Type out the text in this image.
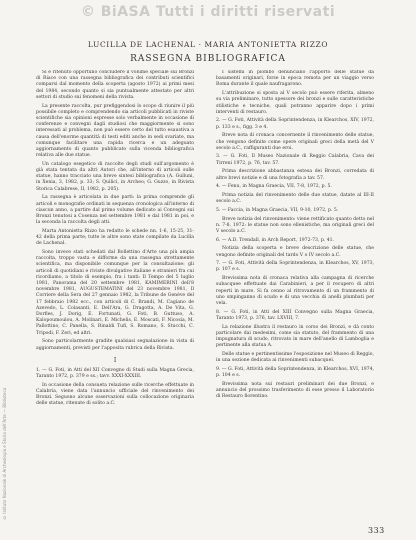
© BiASA Tutti i diritti riservati
LUCILLA DE LACHENAL · MARIA ANTONIETTA RIZZO
RASSEGNA BIBLIOGRAFICA

Si è ritenuto opportuno concludere il volume speciale sui Bronzi di Riace con una rassegna bibliografica dei contributi scientifici comparsi dal momento della scoperta (agosto 1972) ai primi mesi del 1984, secondo quanto si sia puntualmente attestato per altri settori di studio sui fenomeni della rivista.

La presente raccolta, pur prefiggendosi lo scopo di riunire il più possibile completo e comprendendo sia articoli pubblicati in riviste scientifiche sia opinioni espresse solo verbalmente in occasione di conferenze e convegni dagli studiosi che maggiormente si sono interessati al problema, non può essere certo del tutto esaustiva a causa dell'enorme quantità di testi editi anche in sedi svariate, ma comunque facilitare una rapida ricerca e un adeguato aggiornamento di quanto pubblicato sulla vicenda bibliografica relativa alle due statue.

Un catalogo esegetico di raccolte degli studi sull'argomento è già stata tentata da altri Autori che, all'interno di articoli sulle statue, hanno tracciato una breve sintesi bibliografica (A. Gulluni, in Xenia, 3, 1982, p. 33; S. Quilici, in Archeo; G. Guzzo, in Rivista Storica Calabrese, II, 1982, p. 205).

La rassegna è articolata in due parti: la prima comprende gli articoli e monografie ordinati in sequenza cronologica all'interno di ciascun anno, a partire dal primo volume dedicato ai Convegni sui Bronzi tenutosi a Cosenza nel settembre 1981 e dal 1981 in poi, e la seconda la raccolta degli atti.

Marta Antonietta Rizzo ha redatto le schede nn. 1-6, 15-25, 31-42 della prima parte; tutte le altre sono state compilate da Lucilla de Lachenal.

Sono invece stati schedati dal Bollettino d'Arte una più ampia raccolta, troppo vasta e difforme da una rassegna strettamente scientifica, ma disponibile comunque per la consultazione: gli articoli di quotidiani e riviste divulgative italiane e stranieri fra cui ricordiamo, a titolo di esempio, fra i tanti: Il Tempo del 5 luglio 1981, Panorama del 20 settembre 1981, KAMIMERINI dell'8 novembre 1981, AUGUSTEMATINI del 23 novembre 1981, Il Corriere della Sera del 27 gennaio 1982, la Tribune de Genève del 17 febbraio 1982 ecc., con articoli di C. Brandi, M. Cagiano de Azevedo, L. Colasanti, E. Dell'Ara, G. Dragotta, A. De Vita, G. Dorfles, J. Dorig, E. Fortunati, G. Foti, B. Guttuso, A. Kalopoumoulou, A. Molinari, E. Michelis, E. Moscati, F. Nicosia, M. Pallottino, C. Panella, S. Rinaldi Tufi, S. Romano, S. Stucchi, C. Tripodi, F. Zeri, ed altri.

Sono particolarmente gradite qualsiasi segnalazione in vista di aggiornamenti, previsti per l'apposita rubrica della Rivista.

I

1. — G. Foti, in Atti del XII Convegno di Studi sulla Magna Grecia, Taranto 1972, p. 379 e ss.; tavv. XXXI-XXXIII.

In occasione della consueta relazione sulle ricerche effettuate in Calabria, viene data l'annuncio ufficiale del rinvenimento dei Bronzi. Seguono alcune osservazioni sulla collocazione originaria delle statue, ritenute di solito a.C.

I sistemi in piombo denunciano l'apporto delle statue da basamenti originari, forse in epoca remota per un viaggio verso Roma durante il quale naufragarono.

L'attribuzione si sposta al V secolo può essere riferita, almeno su via preliminare, tutto spessore dei bronzi e sulle caratteristiche stilistiche e tecniche, quali potranno apparire dopo i primi interventi di restauro.

2. — G. Foti, Attività della Soprintendenza, in Klearchos, XIV, 1972, p. 133 e s., figg. 3 e 4.

Breve nota di cronaca concernente il rinvenimento delle statue, che vengono definite come opere originali greci della metà del V secolo a.C., raffiguranti due eroi.

3. — G. Foti, Il Museo Nazionale di Reggio Calabria, Cava dei Tirreni 1972, p. 76, tav. 57.

Prima descrizione abbastanza estesa dei Bronzi, corredata di altre brevi notizie e di una fotografia a tav. 57.

4. — Fenu, in Magna Graecia, VII, 7-8, 1972, p. 5.

Prima notizia del rinvenimento delle due statue, datate al III-II secolo a.C.

5. — Faccia, in Magna Graecia, VII, 9-10, 1972, p. 5.

Breve notizia del rinvenimento: viene rettificato quanto detto nel n. 7-8, 1972: le statue non sono ellenistiche, ma originali greci del V secolo a.C.

6. — A.D. Trendall, in Arch Report, 1972-73, p. 41.

Notizia della scoperta e breve descrizione delle statue, che vengono definite originali del tardo V o IV secolo a.C.

7. — G. Foti, Attività della Soprintendenza, in Klearchos, XV, 1973, p. 107 e s.

Brevissima nota di cronaca relativa alla campagna di ricerche subacquee effettuate dai Carabinieri, a per il recupero di altri reperti in mare. Si fa cenno al ritrovamento di un frammento di uno smpinganno di scudo e di una vecchia di anelli plumbati per vela.

8. — G. Foti, in Atti del XIII Convegno sulla Magna Graecia, Taranto 1973, p. 376, tav. LXVIII, 7.

La relazione illustra il restauro in corso dei Bronzi, e dà conto particolare dai medesimi, come sia statuto, del frammento di una impugnatura di scudo, ritrovato in mare dell'anello di Lamboglia e pertinente alla statua A.

Delle statue e pertinentissime l'esposizione nel Museo di Reggio, in una sezione dedicata ai rinvenimenti subacquei.

9. — G. Foti, Attività della Soprintendenza, in Klearchos, XVI, 1974, p. 104 e s.

Brevissima nota sui restauri preliminari dei due Bronzi, e annuncio del prossimo trasferimento di esse presso il Laboratorio di Restauro fiorentino.

© Istituto Nazionale di Archeologia e Storia dell'Arte — Biblioteca
333
